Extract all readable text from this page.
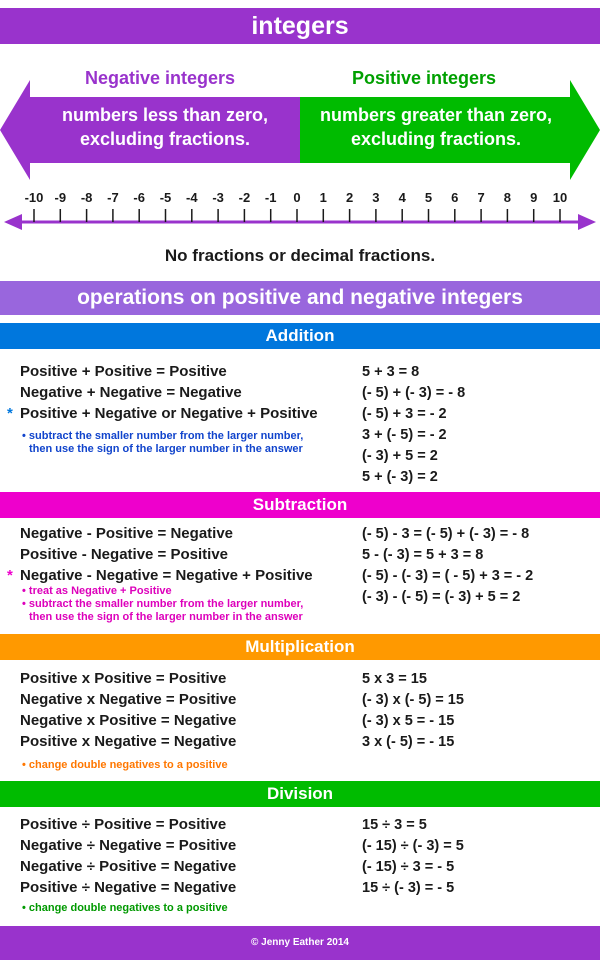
integers
Negative integers	Positive integers
numbers less than zero,
excluding fractions.
numbers greater than zero,
excluding fractions.
-10 -9	-8	-7	-6	-5	-4	-3	-2	-1	0	1	2	3	4	5	6	7	8	9	10
No fractions or decimal fractions.
operations on positive and negative integers
Addition
Positive + Positive = Positive
Negative + Negative = Negative
* Positive + Negative or Negative + Positive
• subtract the smaller number from the larger number,
then use the sign of the larger number in the answer
5 + 3 = 8
(- 5) + (- 3) = - 8
(- 5) + 3 = - 2
3 + (- 5) = - 2
(- 3) + 5 = 2
5 + (- 3) = 2
Subtraction
Negative - Positive = Negative
Positive - Negative = Positive
* Negative - Negative = Negative + Positive
• treat as Negative + Positive
• subtract the smaller number from the larger number,
then use the sign of the larger number in the answer
(- 5) - 3 = (- 5) + (- 3) = - 8
5 - (- 3) = 5 + 3 = 8
(- 5) - (- 3) = ( - 5) + 3 = - 2
(- 3) - (- 5) = (- 3) + 5 = 2
Multiplication
Positive x Positive = Positive
Negative x Negative = Positive
Negative x Positive = Negative
Positive x Negative = Negative
• change double negatives to a positive
5 x 3 = 15
(- 3) x (- 5) = 15
(- 3) x 5 = - 15
3 x (- 5) = - 15
Division
Positive ÷ Positive = Positive
Negative ÷ Negative = Positive
Negative ÷ Positive = Negative
Positive ÷ Negative = Negative
• change double negatives to a positive
15 ÷ 3 = 5
(- 15) ÷ (- 3) = 5
(- 15) ÷ 3 = - 5
15 ÷ (- 3) = - 5
© Jenny Eather 2014
